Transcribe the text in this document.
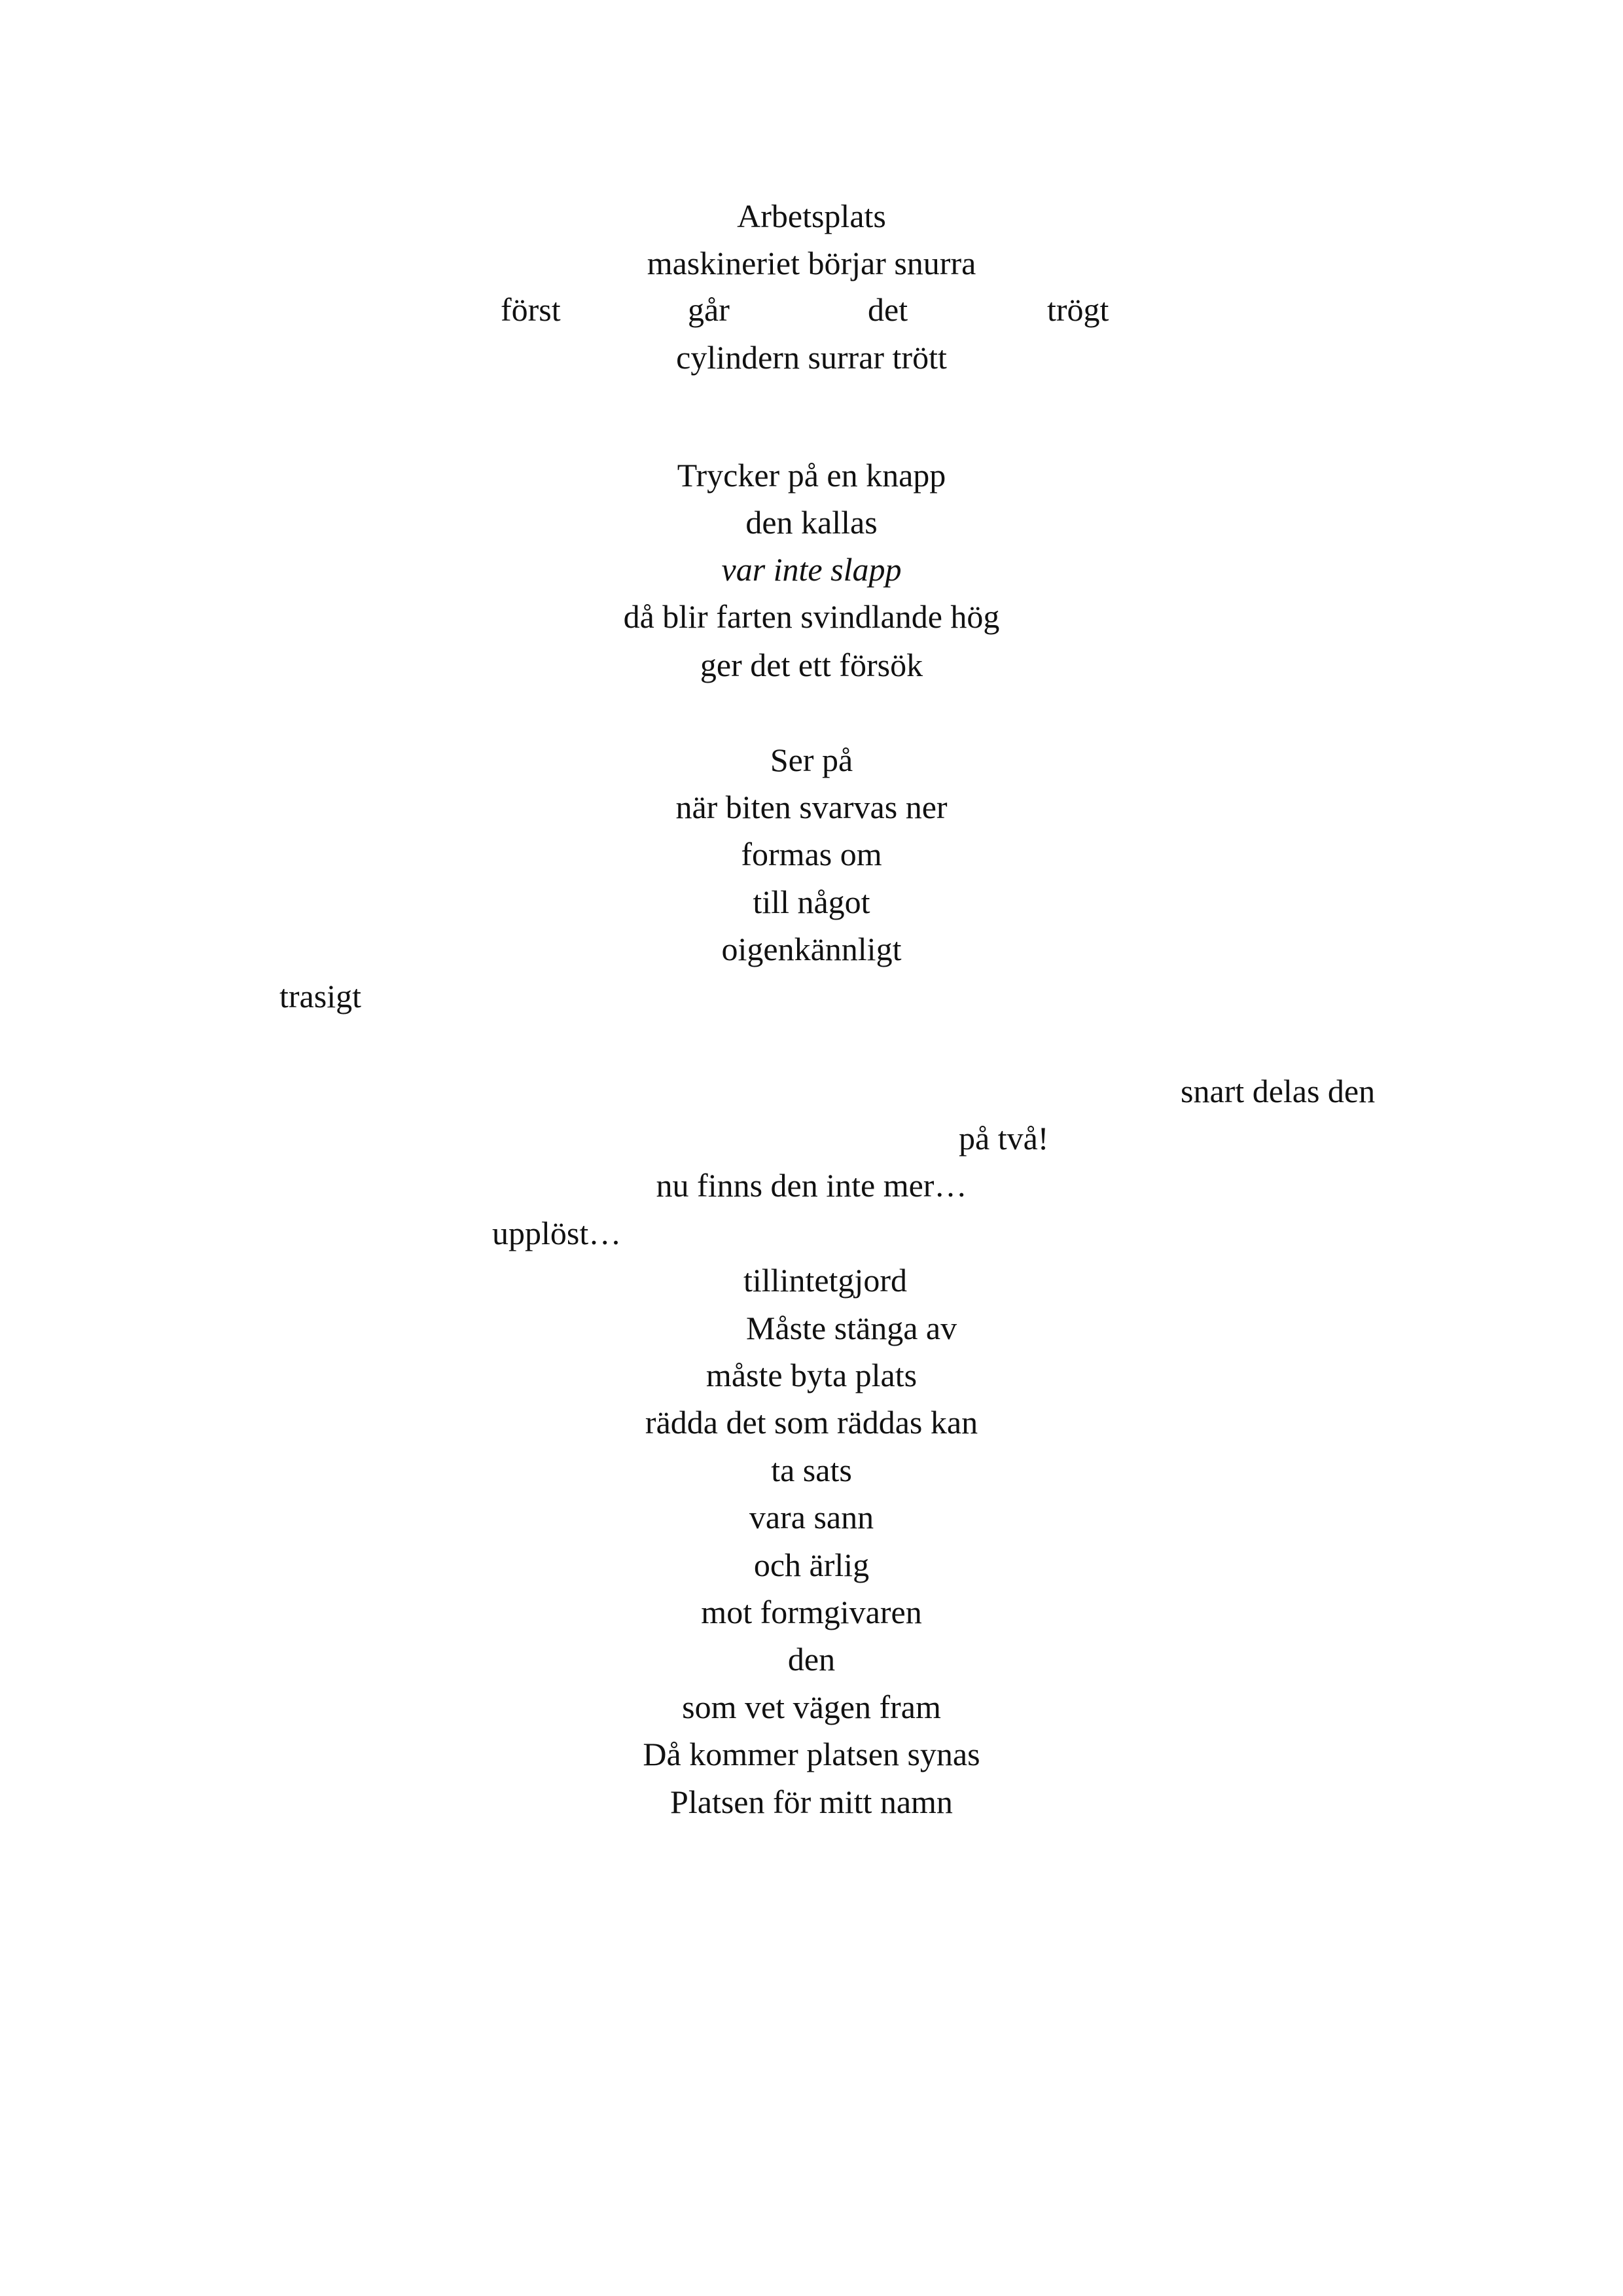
Arbetsplats
maskineriet börjar snurra
först	går	det	trögt
cylindern surrar trött
Trycker på en knapp
den kallas
var inte slapp
då blir farten svindlande hög
ger det ett försök
Ser på
när biten svarvas ner
formas om
till något
oigenkännligt
trasigt
snart delas den
på två!
nu finns den inte mer…
upplöst…
tillintetgjord
Måste stänga av
måste byta plats
rädda det som räddas kan
ta sats
vara sann
och ärlig
mot formgivaren
den
som vet vägen fram
Då kommer platsen synas
Platsen för mitt namn
